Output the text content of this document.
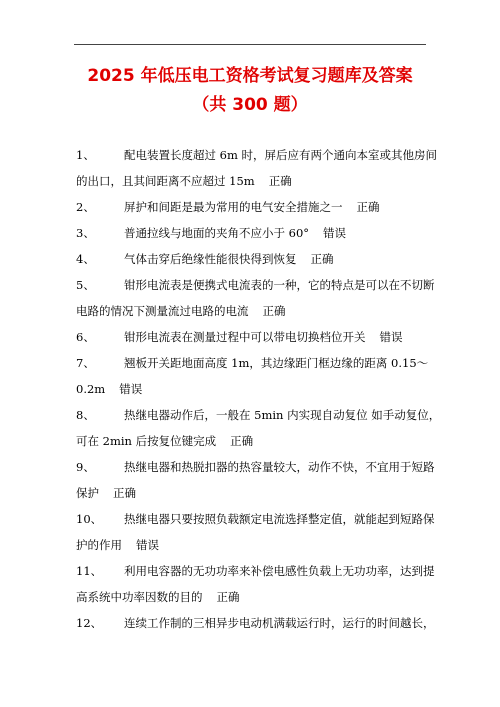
2025 年低压电工资格考试复习题库及答案
（共 300 题）
1、	配电装置长度超过 6m 时，屏后应有两个通向本室或其他房间
的出口，且其间距离不应超过 15m 正确
2、	屏护和间距是最为常用的电气安全措施之一 正确
3、	普通拉线与地面的夹角不应小于 60° 错误
4、	气体击穿后绝缘性能很快得到恢复 正确
5、	钳形电流表是便携式电流表的一种，它的特点是可以在不切断
电路的情况下测量流过电路的电流 正确
6、	钳形电流表在测量过程中可以带电切换档位开关 错误
7、	翘板开关距地面高度 1m，其边缘距门框边缘的距离 0.15～
0.2m 错误
8、	热继电器动作后，一般在 5min 内实现自动复位 如手动复位，
可在 2min 后按复位键完成 正确
9、	热继电器和热脱扣器的热容量较大，动作不快，不宜用于短路
保护 正确
10、 热继电器只要按照负载额定电流选择整定值，就能起到短路保
护的作用 错误
11、 利用电容器的无功功率来补偿电感性负载上无功功率，达到提
高系统中功率因数的目的 正确
12、 连续工作制的三相异步电动机满载运行时，运行的时间越长，
